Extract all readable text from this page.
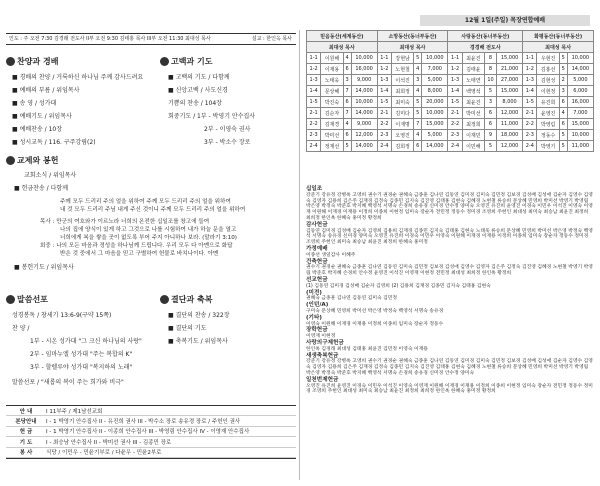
인도 : 주 오전 7:30 김경래 전도사 II부 오전 9:30 김태홍 목사 III부 오전 11:30 최대성 목사	설교 : 한인옥 목사
찬양과 경배
■ 경배의 찬양 / 거룩하신 하나님 주께 감사드려요
■ 예배의 부름 / 위임목사
■ 송 영 / 성가대
■ 예배기도 / 위임목사
■ 예배찬송 / 10장
■ 성시교독 / 116. 구주강림(2)
고백과 기도
■ 고백의 기도 / 다함께
■ 신앙고백 / 사도신경
기쁨의 찬송 / 104장
회중기도 / 1부 - 박영기 안수집사
2부 - 이영숙 권사
3부 - 박소수 장로
교제와 봉헌
교회소식 / 위임목사
■ 헌금찬송 / 다함께
주께 모두 드리리 주의 얼을 위하여 주께 모두 드리리 주의 얼을 위하여
내 것 모두 드리리 주님 내게 주신 것이니 주께 모두 드리리 주의 얼을 위하여
목사 : 만군의 여호와가 이르노라 너희의 온전한 십일조를 창고에 들여
나의 집에 양식이 있게 하고 그것으로 나를 시험하여 내가 하늘 문을 열고
너희에게 복을 쌓을 곳이 없도록 부어 주지 아니하나 보라. (말라기 3:10)
회중 : 나의 모든 마음과 정성을 하나님께 드립니다. 우리 모두 다 아멘으로 화답
받은 것 중에서 그 마음을 믿고 구별하여 헌물로 바치나이다. 아멘
■ 봉헌기도 / 위임목사
말씀선포
성경봉독 / 창세기 13:6-9(구약 15쪽)
찬 양 /
1부 - 시온 성가대 "그 크신 하나님의 사랑"
2부 - 임마누엘 성가대 "주는 복합의 K"
3부 - 할렐루야 성가대 "복지하의 노래"
말씀선포 / "새롭의 복이 주는 희가와 비극"
결단과 축복
■ 결단의 찬송 / 322장
■ 결단의 기도
■ 축복기도 / 위임목사
안 내	I 11부주 / 제1남선교회
본당안내	I - 1 박영기 안수집사 II - 유진희 권사 III - 박수소 장로 송유경 장로 / 주헌인 권사
헌 금	I - 1 박영기 안수집사 II - 이종희 안수집사 III - 박영림 안수집사 IV - 이영재 안수집사
기 도	I - 최승남 안수집사 II - 박미선 권사 III - 김종민 장로
봉 사	식당 / 이민우 - 민윤기부로 / 다윤우 - 민윤2부로
12월 1일(주일) 목장연합예배
믿음동산(세계동산)				소망동산(동너부동산)				사랑동산(동너부동산)				화평동산(동너부동산)			
최대성 목사				최대성 목사				경경배 전도사				최대성 목사			
1-1	이원해	4	10,000	1-1	강현남	5	10,000	1-1	최윤진	8	15,000	1-1	우현진	5	10,000
1-2	이재용	6	16,000	1-2	노현철	4	7,000	1-2	김태윤	8	21,000	1-2	김홍선	5	14,000
1-3	노태욱	3	9,000	1-3	이석진	3	5,000	1-3	노태연	10	27,000	1-3	김현성	2	5,000
1-4	문상혜	7	14,000	1-4	최희정	4	8,000	1-4	백영석	5	15,000	1-4	이현정	3	6,000
1-5	박진숙	6	10,000	1-5	최미숙	5	20,000	1-5	최윤진	3	8,000	1-5	유진희	6	16,000
2-1	김순자	7	14,000	2-1	김미다	5	10,000	2-1	박미선	6	12,000	2-1	윤영진	4	7,000
2-2	김재경	4	9,000	2-2	이재명	7	15,000	2-2	최정희	6	11,000	2-2	박영림	6	15,000
2-3	박미선	6	12,000	2-3	오영진	4	5,000	2-3	이재민	9	18,000	2-3	정동수	5	10,000
2-4	정재선	5	14,000	2-4	김희정	6	14,000	2-4	이민해	5	12,000	2-4	박영기	5	11,000
십일조

강준기 강유정 강병옥 고영희 권수기 권경순 권혜숙 금종훈 김나연 김동연 김미경 김미숙 김민정 김보경 김성배 김성애 김순자 김영수 김영숙 김영자 김용희 김은주 김재경 김정숙 김종민 김지숙 김진영 김태홍 김현숙 김혜경 노현철 류승희 문상혜 민영희 박미선 박영기 박영림 박은영 박정숙 박준호 박지혜 백영석 서명숙 손경희 송유경 신미경 안수정 양미숙 오영진 유진희 윤영진 이경숙 이민우 이석진 이영숙 이영재 이원해 이재경 이재용 이정희 이종희 이현정 임미숙 장순자 전민정 정동수 정미경 조영희 주헌인 최대성 최미숙 최승남 최윤진 최정희 최희정 한인옥 한혜숙 홍미정 황정희

감사헌금

김동연 김미경 김성배 김순자 김영희 김용희 김재경 김종민 김지숙 김태홍 김현숙 노태욱 류승희 문상혜 민영희 박미선 박은영 박정숙 백영석 서명숙 송유경 신미경 양미숙 오영진 유진희 이경숙 이민우 이영숙 이원해 이재경 이재용 이정희 이종희 임미숙 장순자 정동수 정미경 조영희 주헌인 최미숙 최승남 최윤진 최정희 한혜숙 홍미정

가정예배

이종선 생일감사 이혜주

건축헌금

권수기 권경순 권혜숙 금종훈 김나연 김동연 김미숙 김민정 김보경 김성애 김영수 김영자 김은주 김정숙 김진영 김혜경 노현철 박영기 박영림 박준호 박지혜 손경희 안수정 윤영진 이석진 이영재 이현정 전민정 최대성 최희정 한인옥 황정희

선교헌금

(1) 김동연 김미경 김성배 김순자 김영희 (2) 김용희 김재경 김종민 김지숙 김태홍 김현숙

(미전)

권혜숙 금종훈 김나연 김동연 김미숙 김민정

(인턴/A)

구미숙 문상혜 민영희 박미선 박은영 박정숙 백영석 서명숙 송유경

(기타)

이영숙 이원해 이재경 이재용 이정희 이종희 임미숙 장순자 정동수

장학헌금

이영재 이현정

사랑의구제헌금

한인옥 김경래 최대성 김태홍 최윤진 김민정 이영숙 이재용

새생축복헌금

강준기 강유정 강병옥 고영희 권수기 권경순 권혜숙 금종훈 김나연 김동연 김미경 김미숙 김민정 김보경 김성배 김성애 김순자 김영수 김영숙 김영자 김용희 김은주 김재경 김정숙 김종민 김지숙 김진영 김태홍 김현숙 김혜경 노현철 류승희 문상혜 민영희 박미선 박영기 박영림 박은영 박정숙 박준호 박지혜 백영석 서명숙 손경희 송유경 신미경 안수정 양미숙

일천번제헌금

오영진 유진희 윤영진 이경숙 이민우 이석진 이영숙 이영재 이원해 이재경 이재용 이정희 이종희 이현정 임미숙 장순자 전민정 정동수 정미경 조영희 주헌인 최대성 최미숙 최승남 최윤진 최정희 최희정 한인옥 한혜숙 홍미정 황정희
